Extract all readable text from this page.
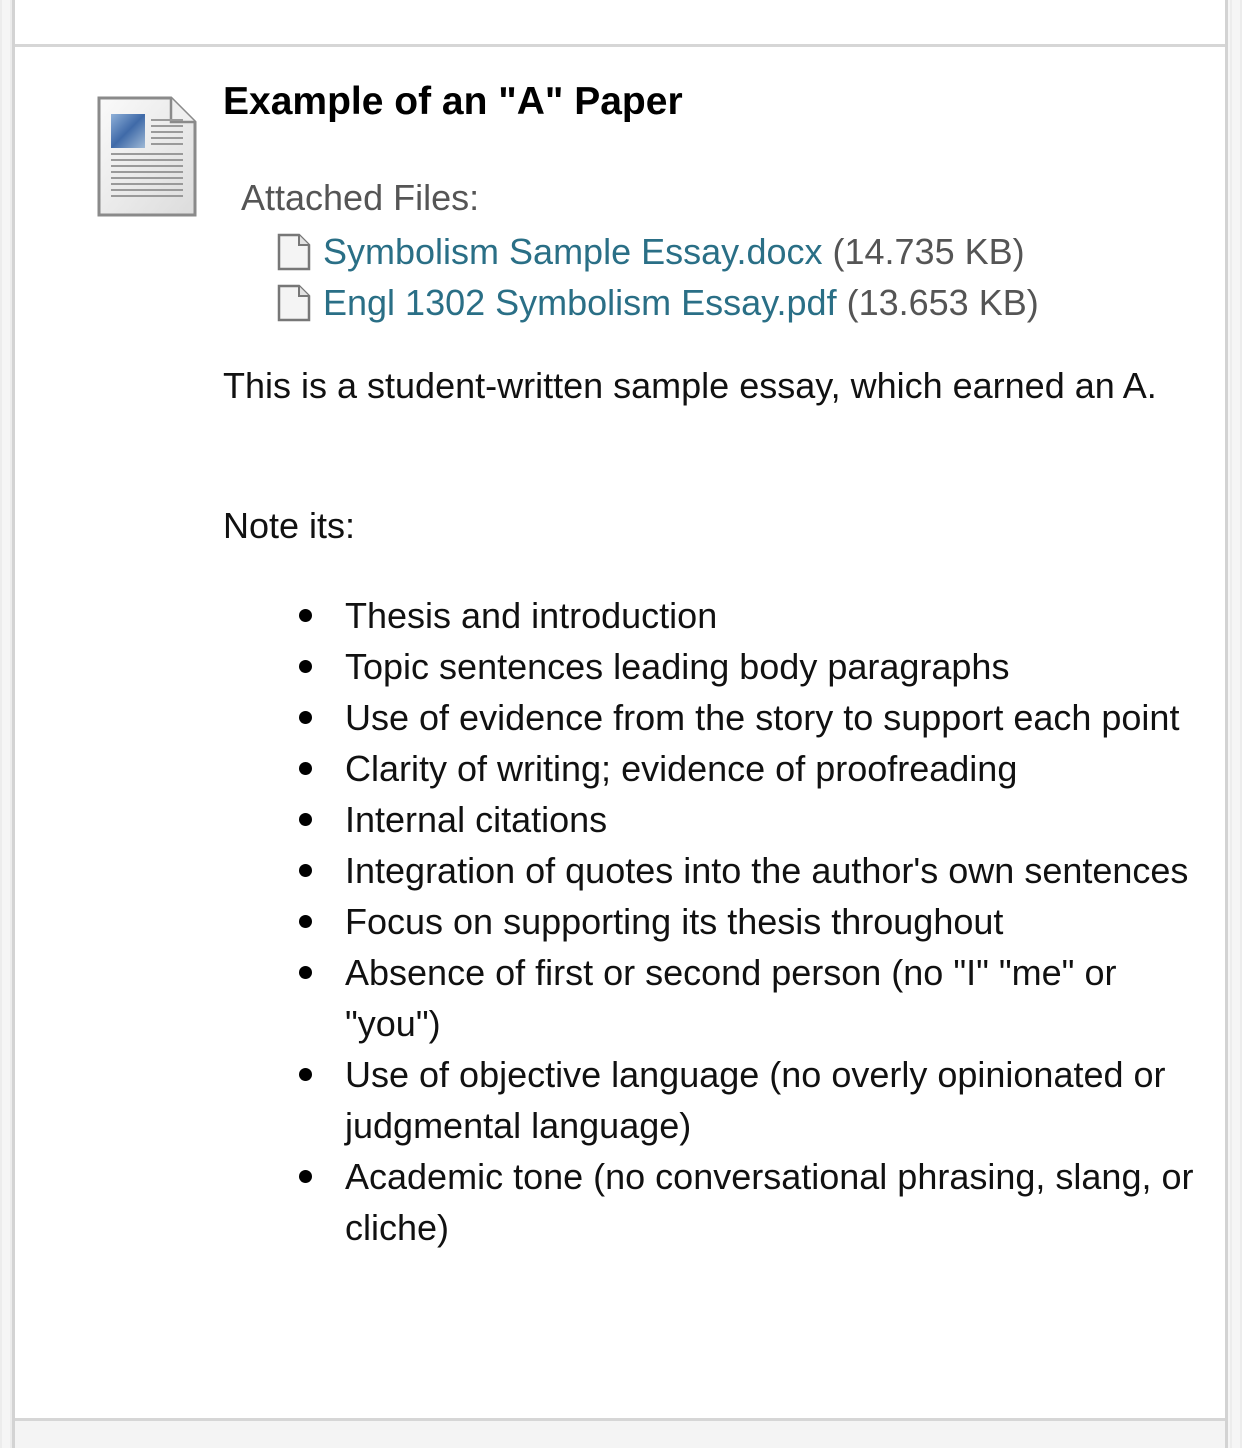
Example of an "A" Paper
Attached Files:
Symbolism Sample Essay.docx (14.735 KB)
Engl 1302 Symbolism Essay.pdf (13.653 KB)

This is a student-written sample essay, which earned an A.

Note its:

Thesis and introduction
Topic sentences leading body paragraphs
Use of evidence from the story to support each point
Clarity of writing; evidence of proofreading
Internal citations
Integration of quotes into the author's own sentences
Focus on supporting its thesis throughout
Absence of first or second person (no "I" "me" or "you")
Use of objective language (no overly opinionated or judgmental language)
Academic tone (no conversational phrasing, slang, or cliche)
